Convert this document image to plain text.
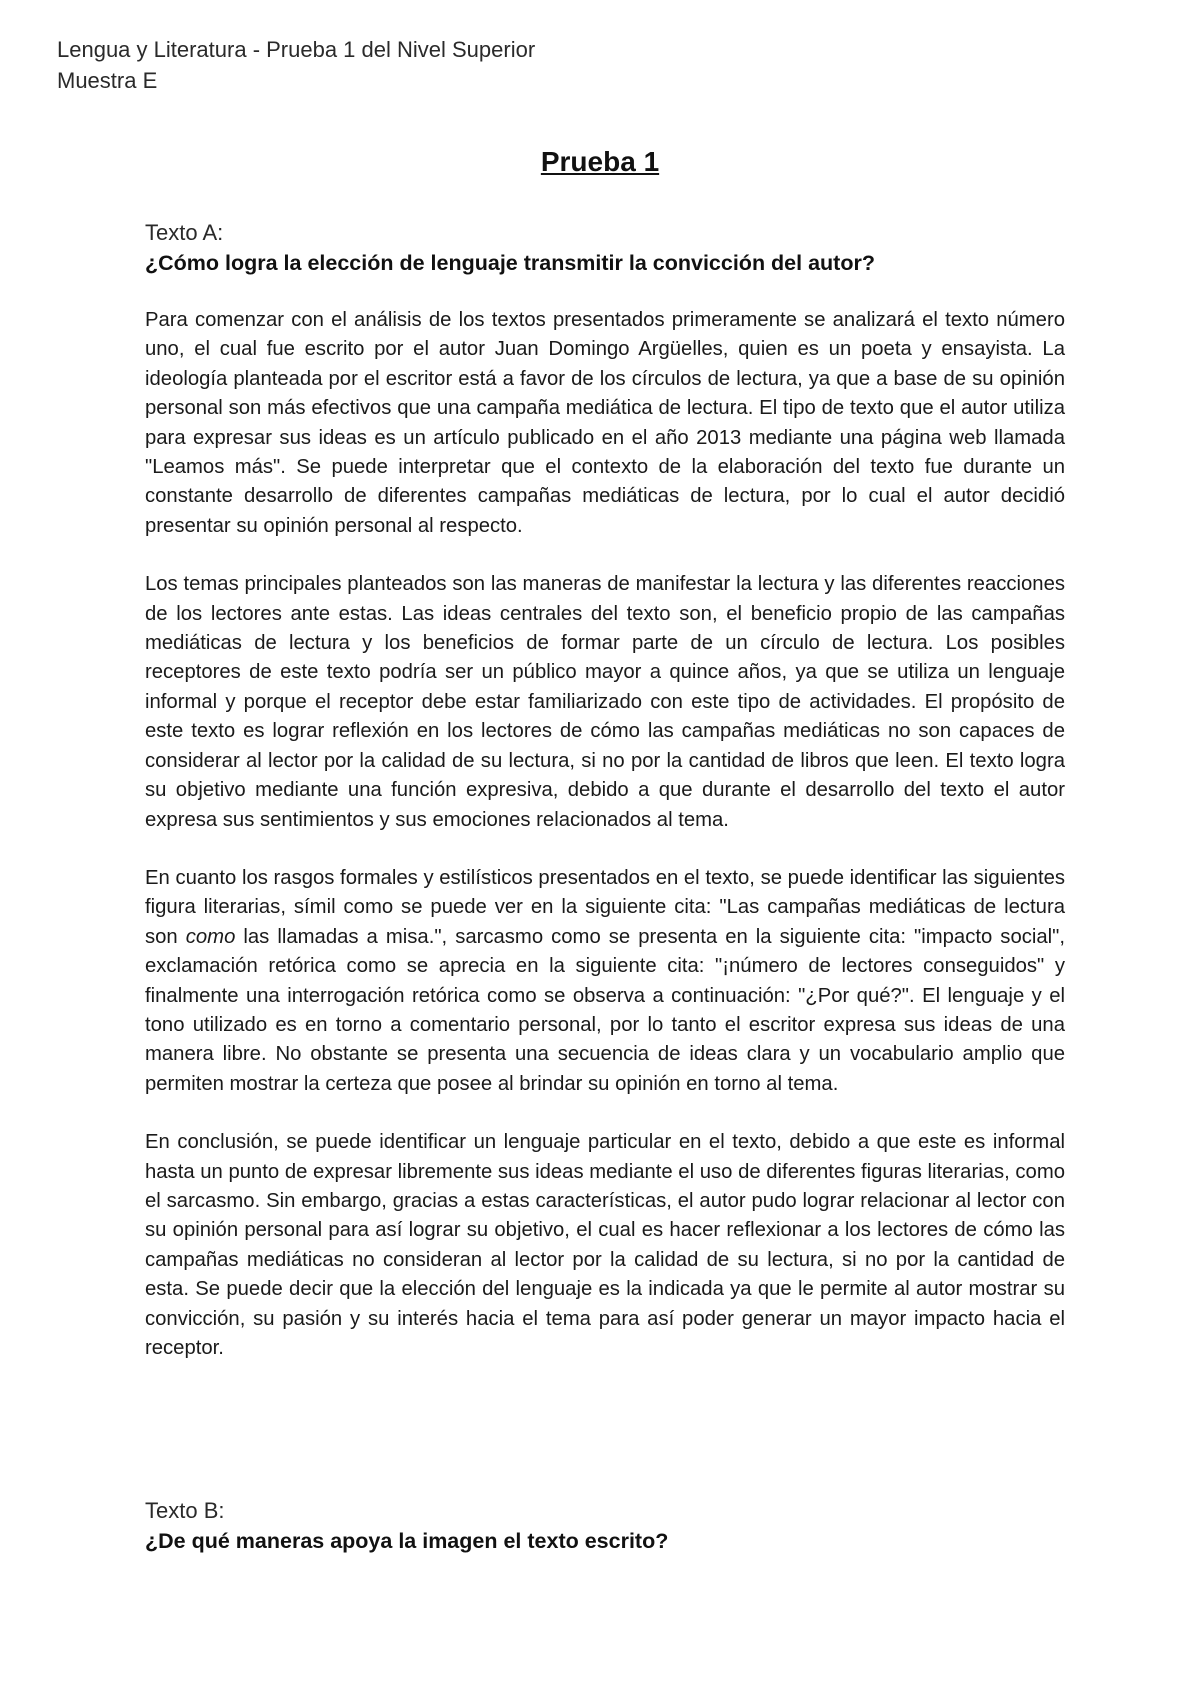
Lengua y Literatura - Prueba 1 del Nivel Superior
Muestra E
Prueba 1
Texto A:
¿Cómo logra la elección de lenguaje transmitir la convicción del autor?

Para comenzar con el análisis de los textos presentados primeramente se analizará el texto número uno, el cual fue escrito por el autor Juan Domingo Argüelles, quien es un poeta y ensayista. La ideología planteada por el escritor está a favor de los círculos de lectura, ya que a base de su opinión personal son más efectivos que una campaña mediática de lectura. El tipo de texto que el autor utiliza para expresar sus ideas es un artículo publicado en el año 2013 mediante una página web llamada "Leamos más". Se puede interpretar que el contexto de la elaboración del texto fue durante un constante desarrollo de diferentes campañas mediáticas de lectura, por lo cual el autor decidió presentar su opinión personal al respecto.

Los temas principales planteados son las maneras de manifestar la lectura y las diferentes reacciones de los lectores ante estas. Las ideas centrales del texto son, el beneficio propio de las campañas mediáticas de lectura y los beneficios de formar parte de un círculo de lectura. Los posibles receptores de este texto podría ser un público mayor a quince años, ya que se utiliza un lenguaje informal y porque el receptor debe estar familiarizado con este tipo de actividades. El propósito de este texto es lograr reflexión en los lectores de cómo las campañas mediáticas no son capaces de considerar al lector por la calidad de su lectura, si no por la cantidad de libros que leen. El texto logra su objetivo mediante una función expresiva, debido a que durante el desarrollo del texto el autor expresa sus sentimientos y sus emociones relacionados al tema.

En cuanto los rasgos formales y estilísticos presentados en el texto, se puede identificar las siguientes figura literarias, símil como se puede ver en la siguiente cita: "Las campañas mediáticas de lectura son como las llamadas a misa.", sarcasmo como se presenta en la siguiente cita: "impacto social", exclamación retórica como se aprecia en la siguiente cita: "¡número de lectores conseguidos" y finalmente una interrogación retórica como se observa a continuación: "¿Por qué?". El lenguaje y el tono utilizado es en torno a comentario personal, por lo tanto el escritor expresa sus ideas de una manera libre. No obstante se presenta una secuencia de ideas clara y un vocabulario amplio que permiten mostrar la certeza que posee al brindar su opinión en torno al tema.

En conclusión, se puede identificar un lenguaje particular en el texto, debido a que este es informal hasta un punto de expresar libremente sus ideas mediante el uso de diferentes figuras literarias, como el sarcasmo. Sin embargo, gracias a estas características, el autor pudo lograr relacionar al lector con su opinión personal para así lograr su objetivo, el cual es hacer reflexionar a los lectores de cómo las campañas mediáticas no consideran al lector por la calidad de su lectura, si no por la cantidad de esta. Se puede decir que la elección del lenguaje es la indicada ya que le permite al autor mostrar su convicción, su pasión y su interés hacia el tema para así poder generar un mayor impacto hacia el receptor.

Texto B:
¿De qué maneras apoya la imagen el texto escrito?
